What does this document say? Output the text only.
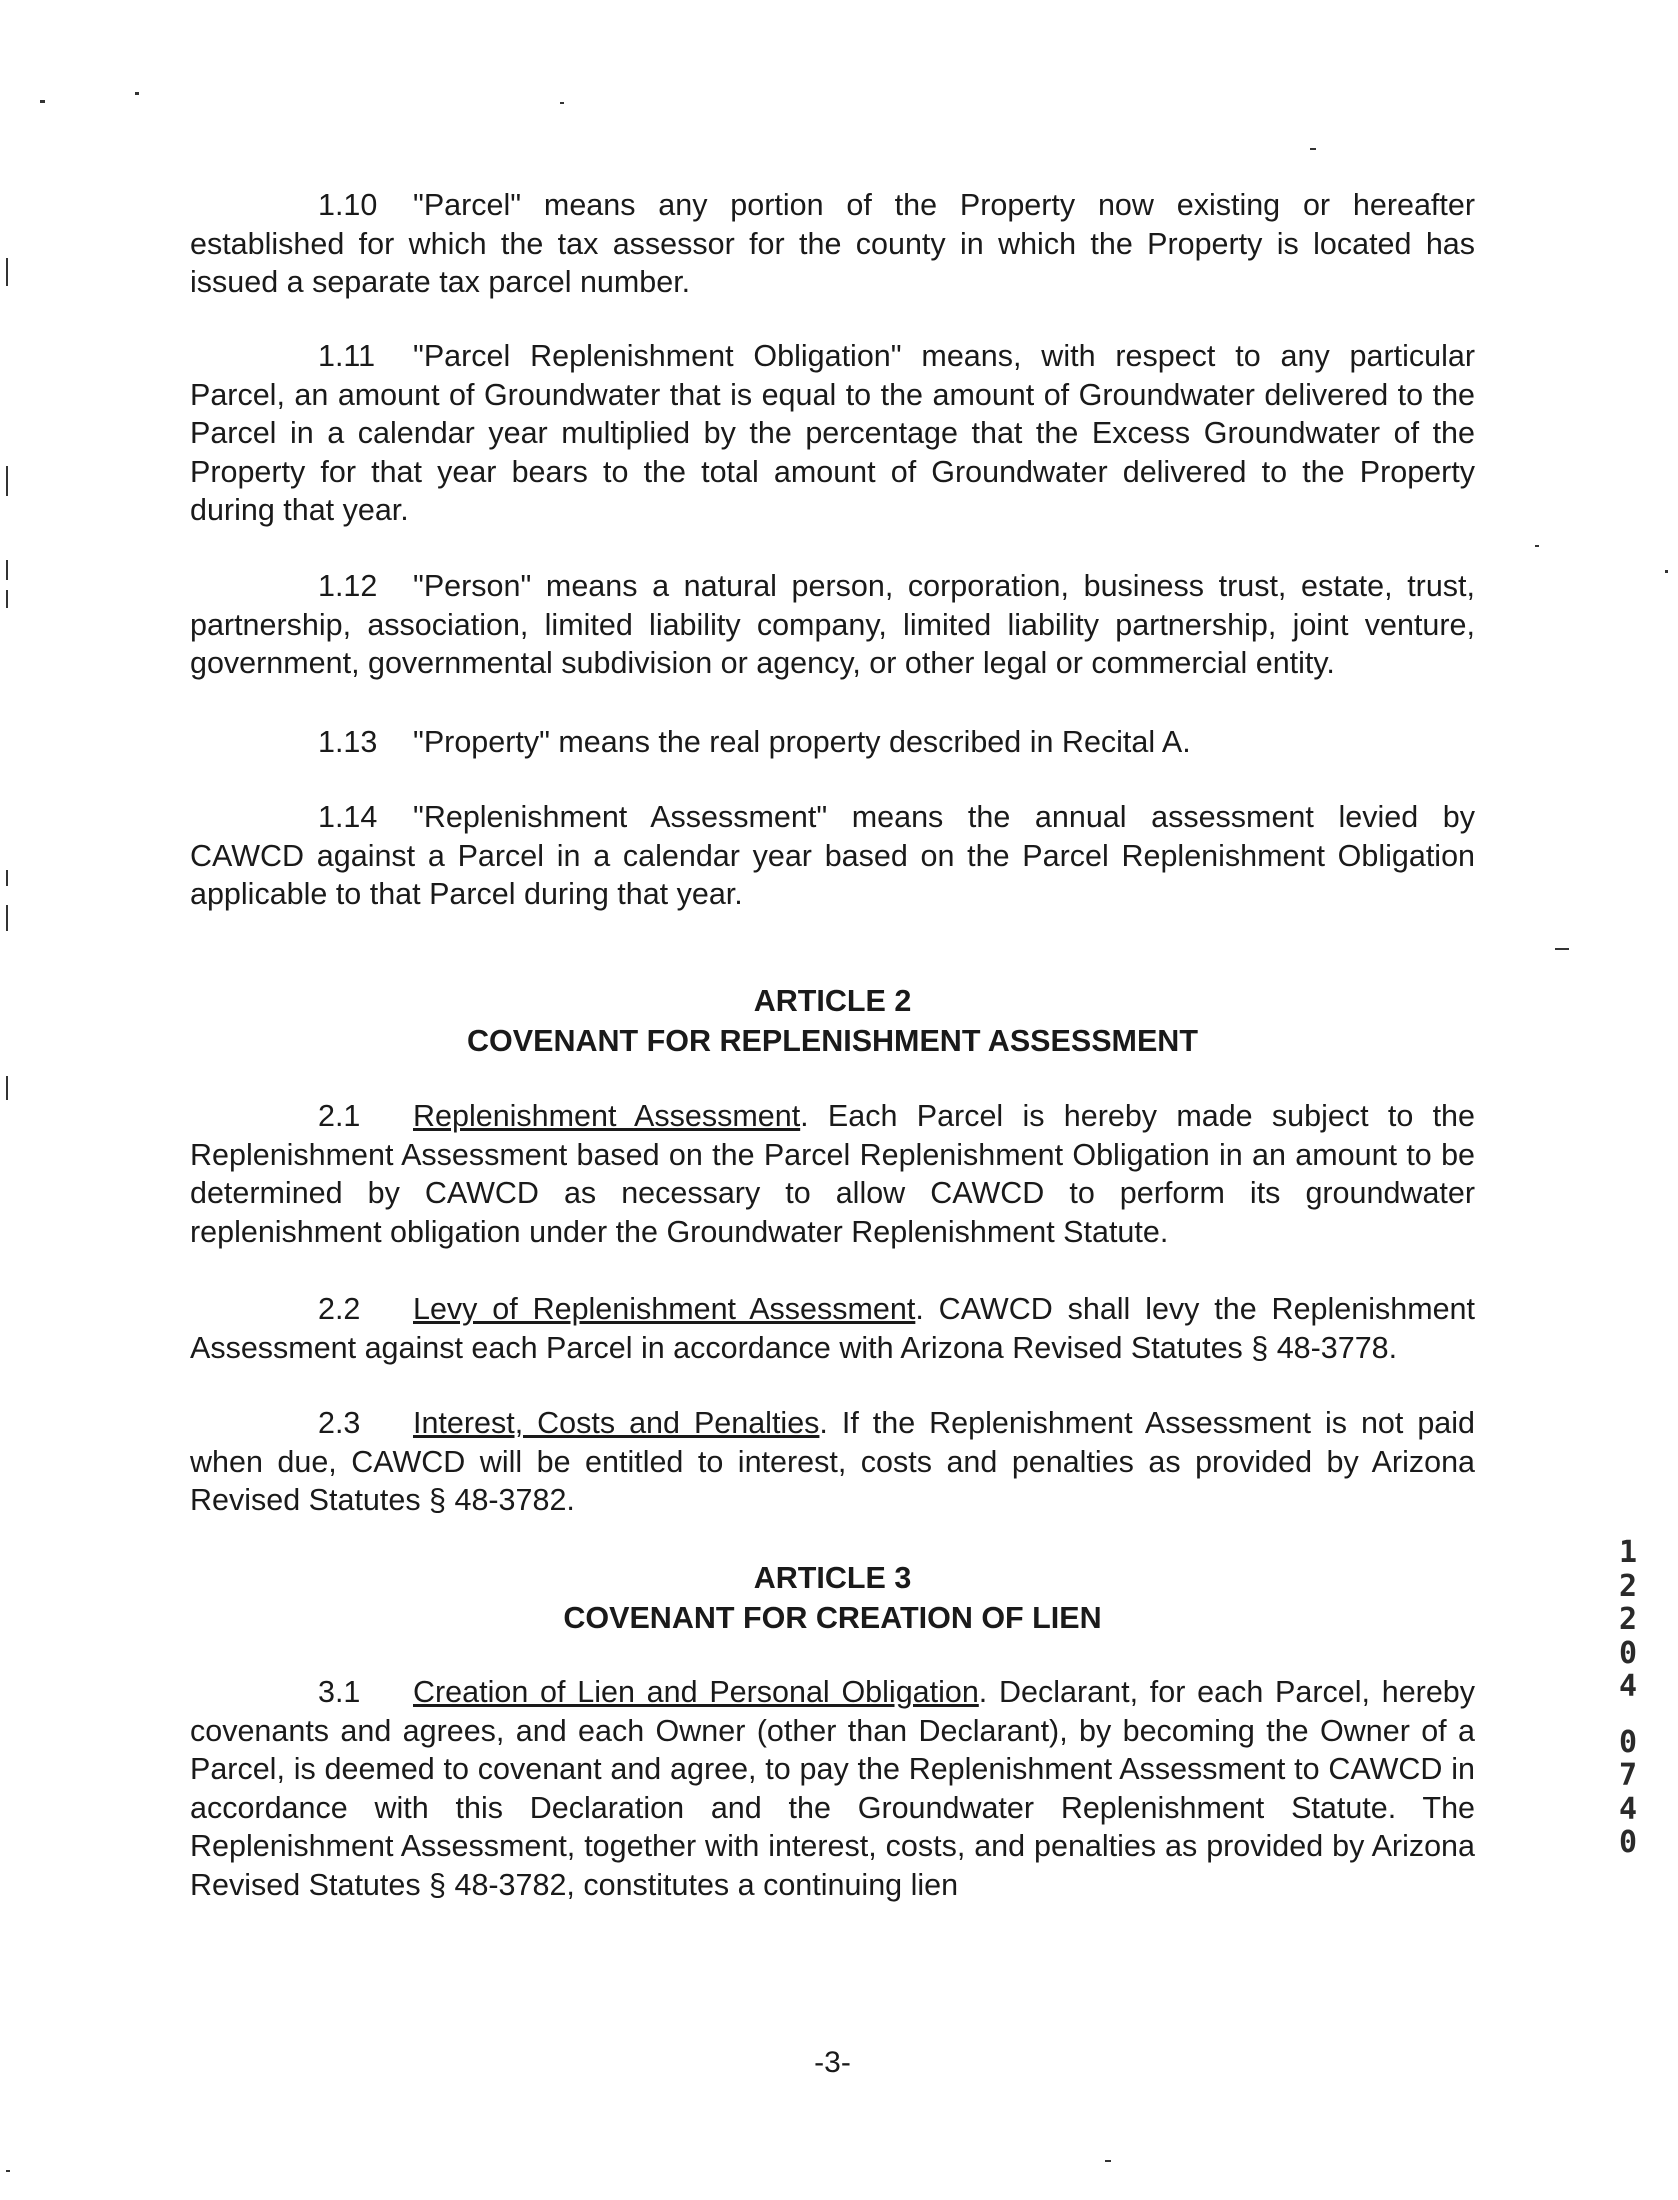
1.10 "Parcel" means any portion of the Property now existing or hereafter established for which the tax assessor for the county in which the Property is located has issued a separate tax parcel number.

1.11 "Parcel Replenishment Obligation" means, with respect to any particular Parcel, an amount of Groundwater that is equal to the amount of Groundwater delivered to the Parcel in a calendar year multiplied by the percentage that the Excess Groundwater of the Property for that year bears to the total amount of Groundwater delivered to the Property during that year.

1.12 "Person" means a natural person, corporation, business trust, estate, trust, partnership, association, limited liability company, limited liability partnership, joint venture, government, governmental subdivision or agency, or other legal or commercial entity.

1.13 "Property" means the real property described in Recital A.

1.14 "Replenishment Assessment" means the annual assessment levied by CAWCD against a Parcel in a calendar year based on the Parcel Replenishment Obligation applicable to that Parcel during that year.

ARTICLE 2
COVENANT FOR REPLENISHMENT ASSESSMENT

2.1 Replenishment Assessment. Each Parcel is hereby made subject to the Replenishment Assessment based on the Parcel Replenishment Obligation in an amount to be determined by CAWCD as necessary to allow CAWCD to perform its groundwater replenishment obligation under the Groundwater Replenishment Statute.

2.2 Levy of Replenishment Assessment. CAWCD shall levy the Replenishment Assessment against each Parcel in accordance with Arizona Revised Statutes § 48-3778.

2.3 Interest, Costs and Penalties. If the Replenishment Assessment is not paid when due, CAWCD will be entitled to interest, costs and penalties as provided by Arizona Revised Statutes § 48-3782.

ARTICLE 3
COVENANT FOR CREATION OF LIEN

3.1 Creation of Lien and Personal Obligation. Declarant, for each Parcel, hereby covenants and agrees, and each Owner (other than Declarant), by becoming the Owner of a Parcel, is deemed to covenant and agree, to pay the Replenishment Assessment to CAWCD in accordance with this Declaration and the Groundwater Replenishment Statute. The Replenishment Assessment, together with interest, costs, and penalties as provided by Arizona Revised Statutes § 48-3782, constitutes a continuing lien

1
2
2
0
4
0
7
4
0
-3-
